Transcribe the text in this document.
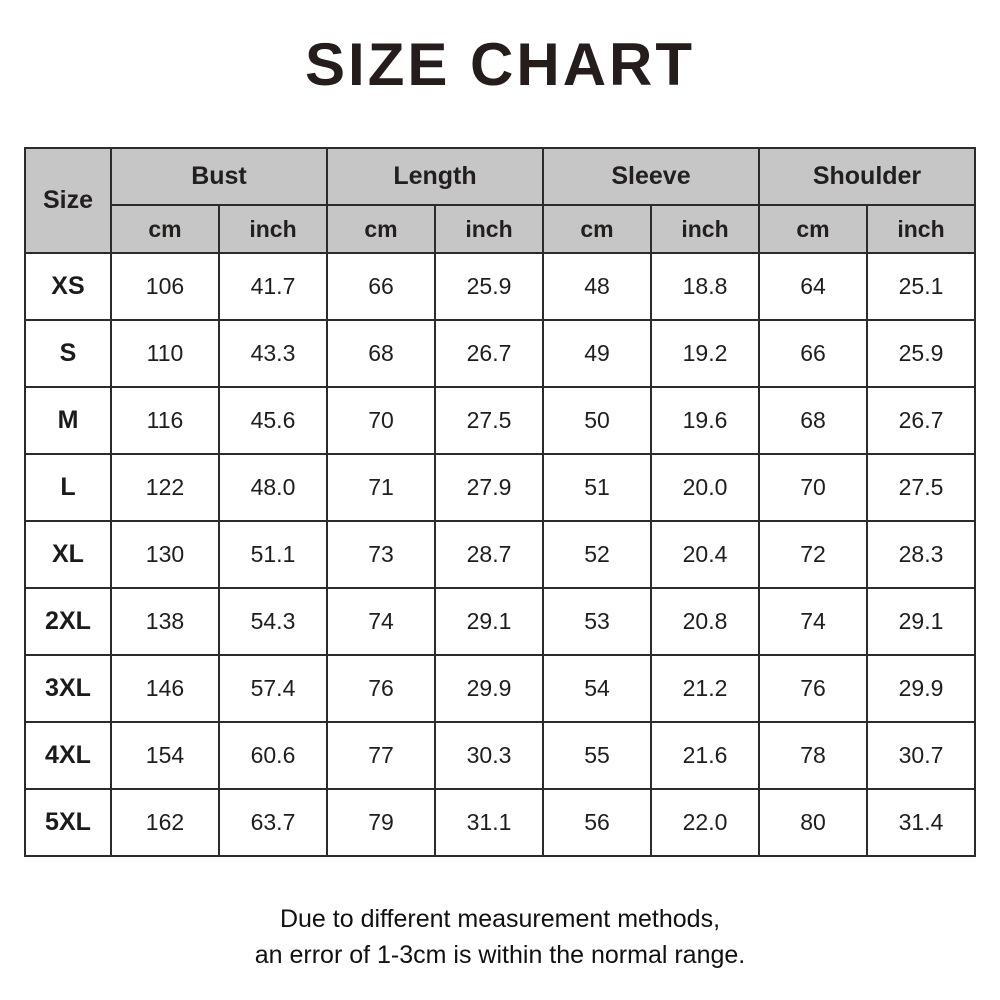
SIZE CHART
Size	Bust		Length		Sleeve		Shoulder	
	cm	inch	cm	inch	cm	inch	cm	inch
XS	106	41.7	66	25.9	48	18.8	64	25.1
S	110	43.3	68	26.7	49	19.2	66	25.9
M	116	45.6	70	27.5	50	19.6	68	26.7
L	122	48.0	71	27.9	51	20.0	70	27.5
XL	130	51.1	73	28.7	52	20.4	72	28.3
2XL	138	54.3	74	29.1	53	20.8	74	29.1
3XL	146	57.4	76	29.9	54	21.2	76	29.9
4XL	154	60.6	77	30.3	55	21.6	78	30.7
5XL	162	63.7	79	31.1	56	22.0	80	31.4
Due to different measurement methods,
an error of 1-3cm is within the normal range.
